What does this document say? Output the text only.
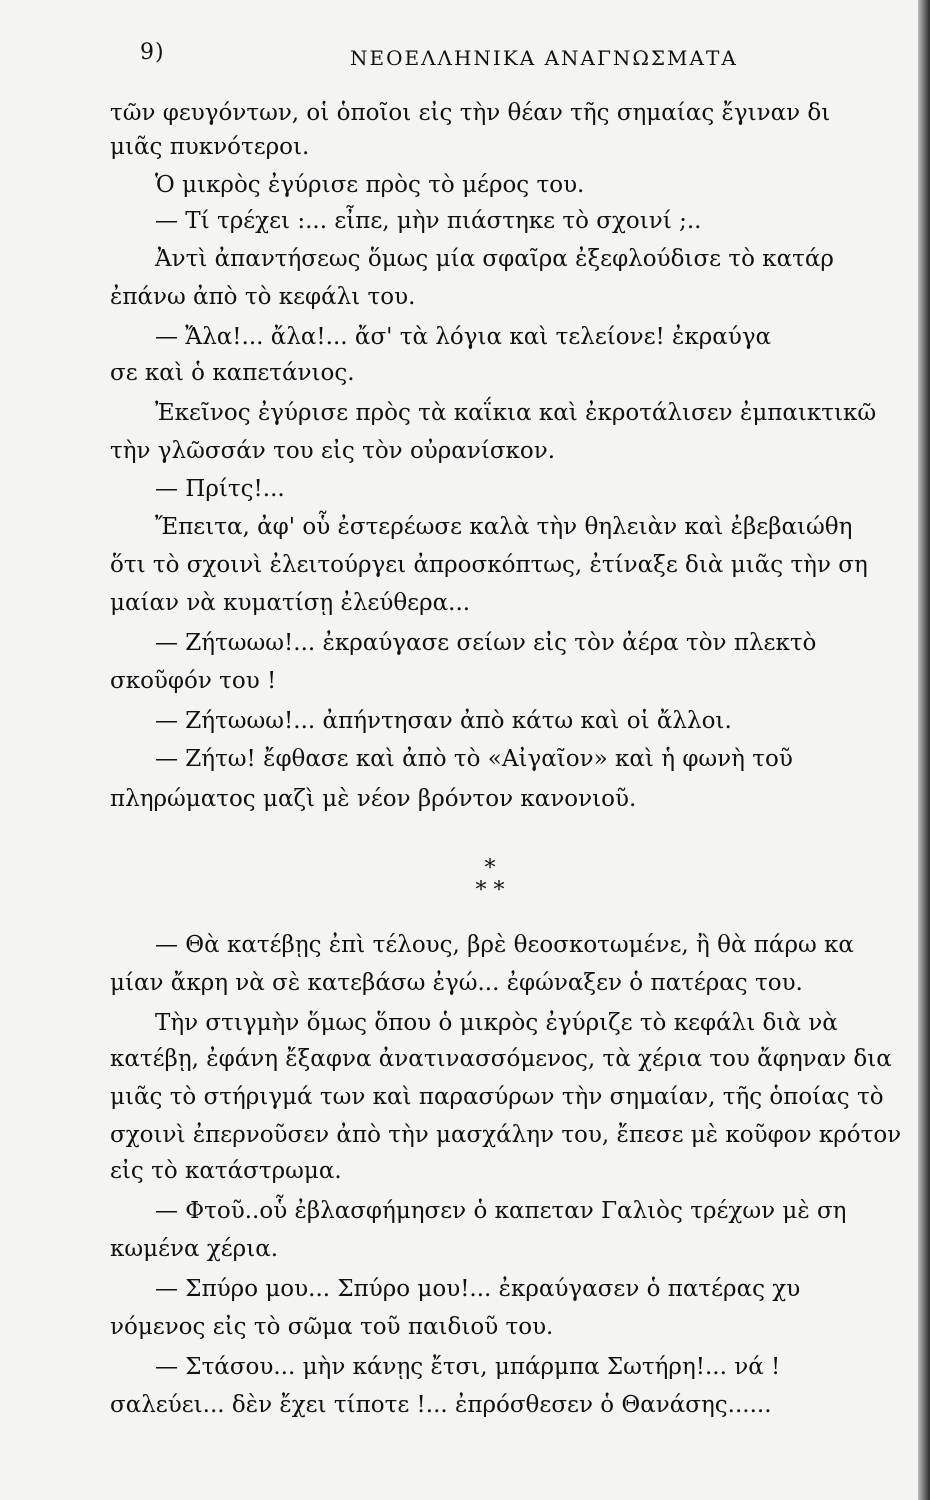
9)	ΝΕΟΕΛΛΗΝΙΚΑ ΑΝΑΓΝΩΣΜΑΤΑ
τῶν φευγόντων, οἱ ὁποῖοι εἰς τὴν θέαν τῆς σημαίας ἔγιναν δι
μιᾶς πυκνότεροι.
Ὁ μικρὸς ἐγύρισε πρὸς τὸ μέρος του.
— Τί τρέχει :... εἶπε, μὴν πιάστηκε τὸ σχοινί ;..
Ἀντὶ ἀπαντήσεως ὅμως μία σφαῖρα ἐξεφλούδισε τὸ κατάρ
ἐπάνω ἀπὸ τὸ κεφάλι του.
— Ἄλα!... ἄλα!... ἄσ' τὰ λόγια καὶ τελείονε! ἐκραύγα
σε καὶ ὁ καπετάνιος.
Ἐκεῖνος ἐγύρισε πρὸς τὰ καΐκια καὶ ἐκροτάλισεν ἐμπαικτικῶ
τὴν γλῶσσάν του εἰς τὸν οὐρανίσκον.
— Πρίτς!...
Ἔπειτα, ἀφ' οὗ ἐστερέωσε καλὰ τὴν θηλειὰν καὶ ἐβεβαιώθη
ὅτι τὸ σχοινὶ ἐλειτούργει ἀπροσκόπτως, ἐτίναξε διὰ μιᾶς τὴν ση
μαίαν νὰ κυματίσῃ ἐλεύθερα...
— Ζήτωωω!... ἐκραύγασε σείων εἰς τὸν ἀέρα τὸν πλεκτὸ
σκοῦφόν του !
— Ζήτωωω!... ἀπήντησαν ἀπὸ κάτω καὶ οἱ ἄλλοι.
— Ζήτω! ἔφθασε καὶ ἀπὸ τὸ «Αἰγαῖον» καὶ ἡ φωνὴ τοῦ
πληρώματος μαζὶ μὲ νέον βρόντον κανονιοῦ.
*
* *
— Θὰ κατέβῃς ἐπὶ τέλους, βρὲ θεοσκοτωμένε, ἢ θὰ πάρω κα
μίαν ἄκρη νὰ σὲ κατεβάσω ἐγώ... ἐφώναξεν ὁ πατέρας του.
Τὴν στιγμὴν ὅμως ὅπου ὁ μικρὸς ἐγύριζε τὸ κεφάλι διὰ νὰ
κατέβῃ, ἐφάνη ἔξαφνα ἀνατινασσόμενος, τὰ χέρια του ἄφηναν δια
μιᾶς τὸ στήριγμά των καὶ παρασύρων τὴν σημαίαν, τῆς ὁποίας τὸ
σχοινὶ ἐπερνοῦσεν ἀπὸ τὴν μασχάλην του, ἔπεσε μὲ κοῦφον κρότον
εἰς τὸ κατάστρωμα.
— Φτοῦ..οὗ ἐβλασφήμησεν ὁ καπεταν Γαλιὸς τρέχων μὲ ση
κωμένα χέρια.
— Σπύρο μου... Σπύρο μου!... ἐκραύγασεν ὁ πατέρας χυ
νόμενος εἰς τὸ σῶμα τοῦ παιδιοῦ του.
— Στάσου... μὴν κάνῃς ἔτσι, μπάρμπα Σωτήρη!... νά !
σαλεύει... δὲν ἔχει τίποτε !... ἐπρόσθεσεν ὁ Θανάσης......
